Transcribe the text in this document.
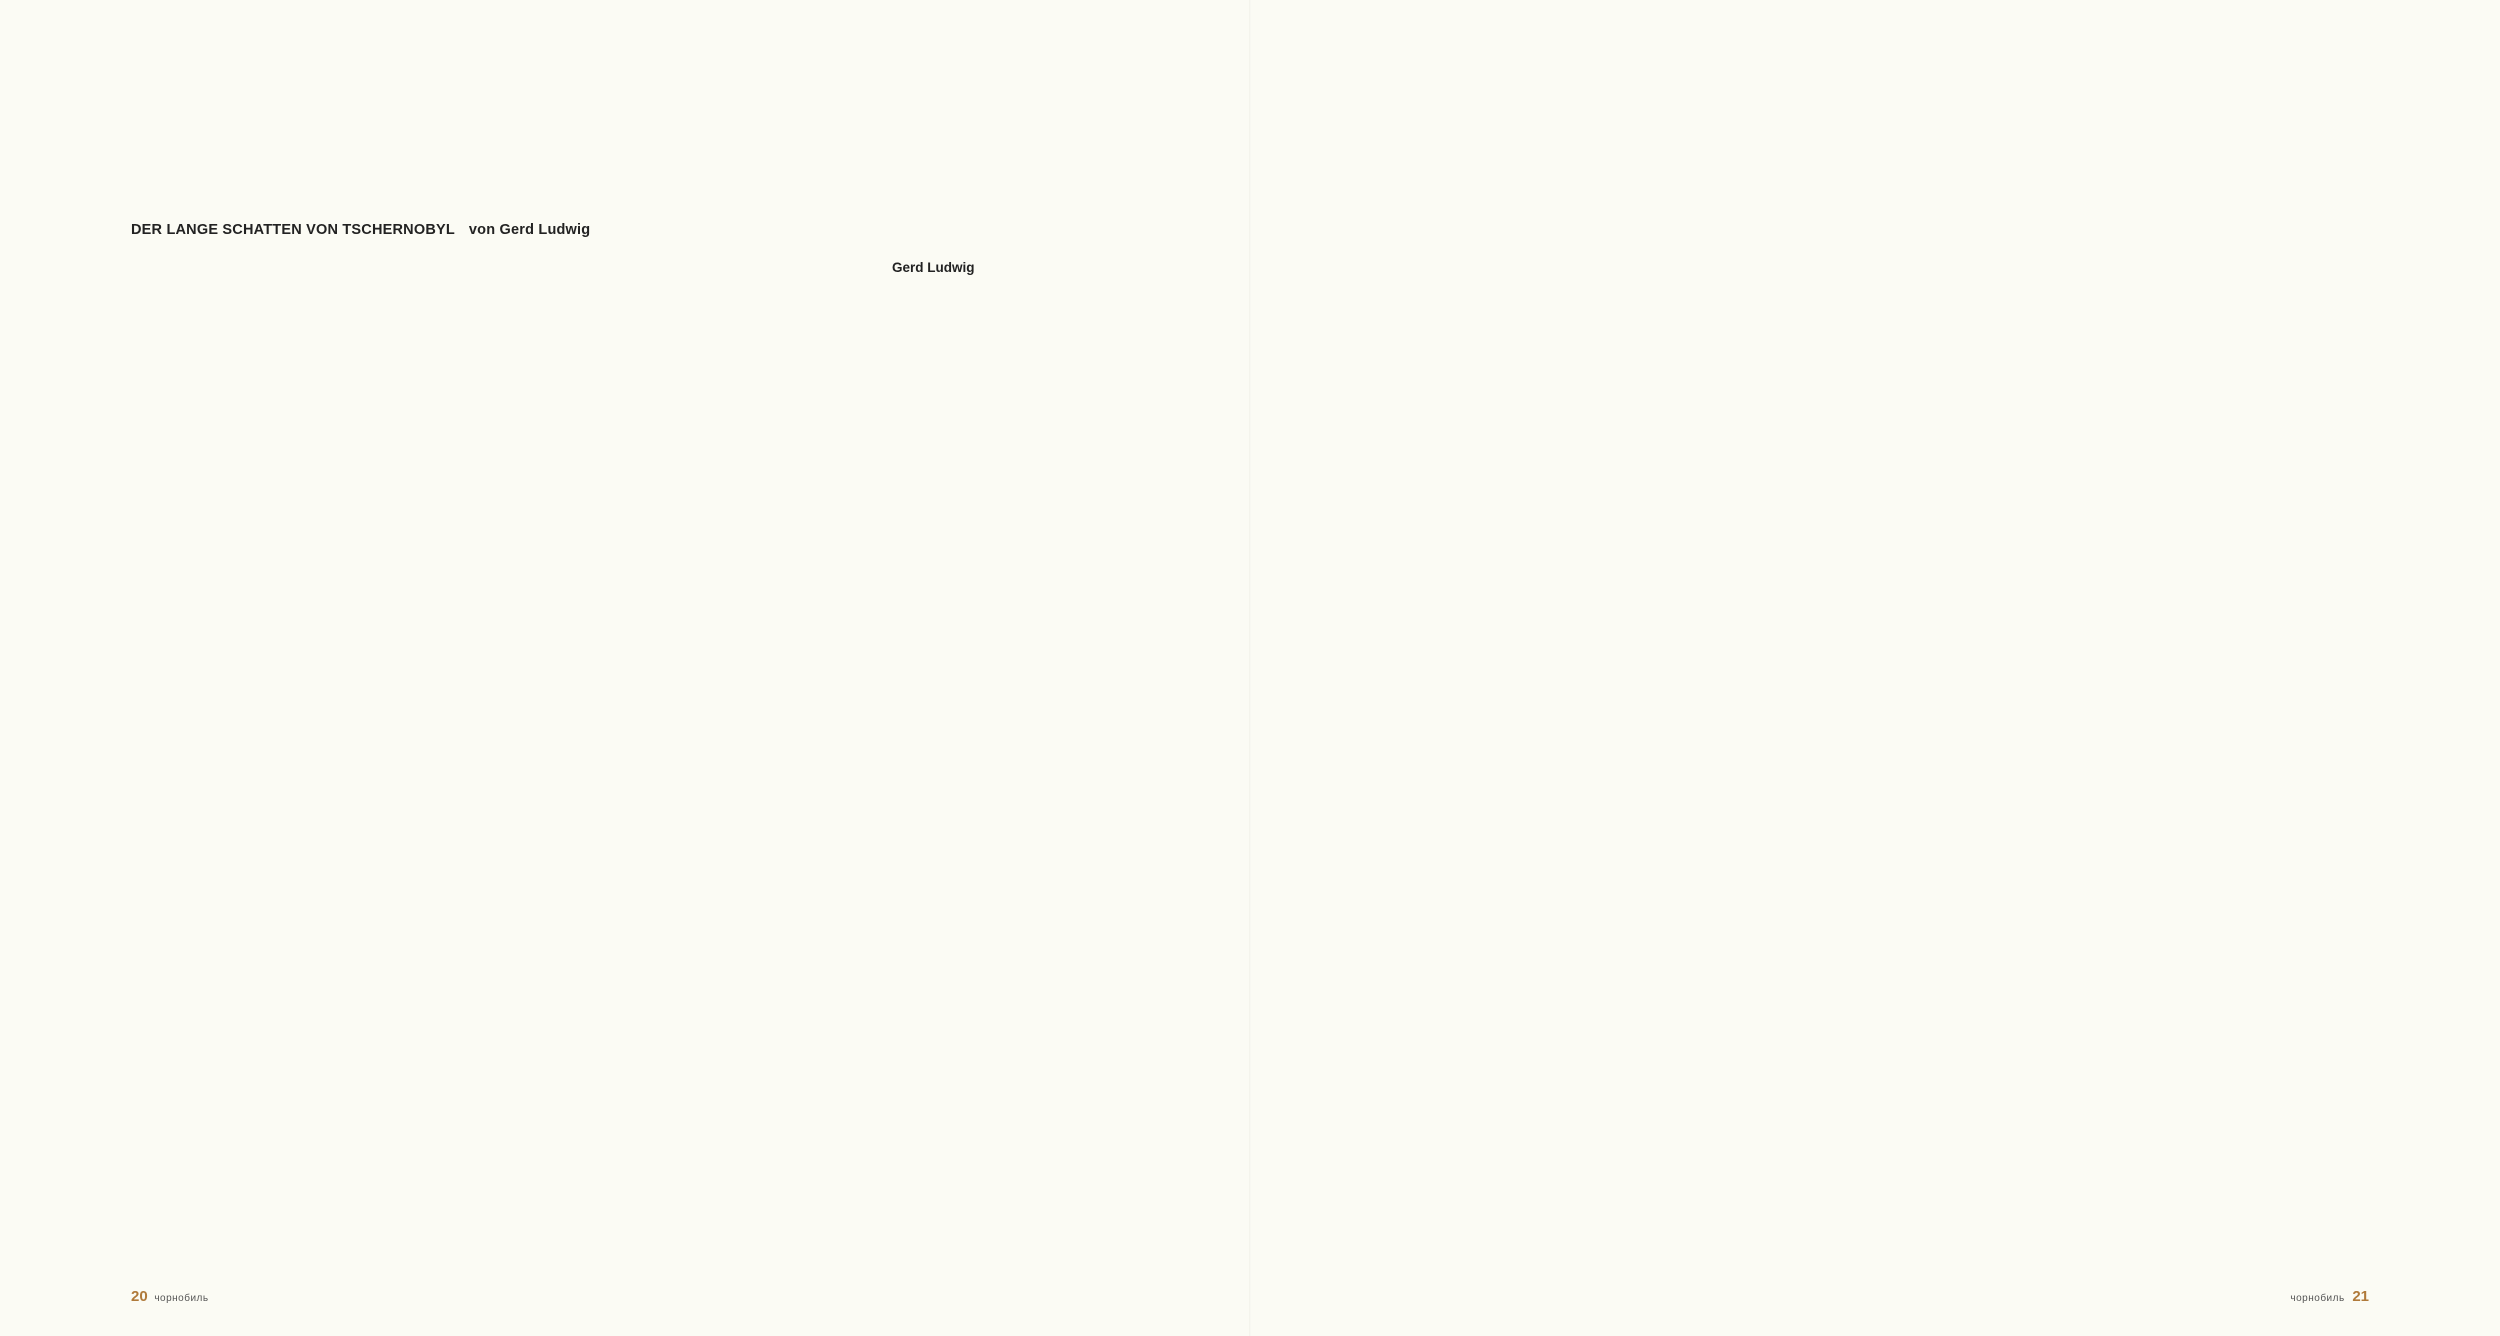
DER LANGE SCHATTEN VON TSCHERNOBYL von Gerd Ludwig
Gerd Ludwig
20 чорнобиль	чорнобиль 21
